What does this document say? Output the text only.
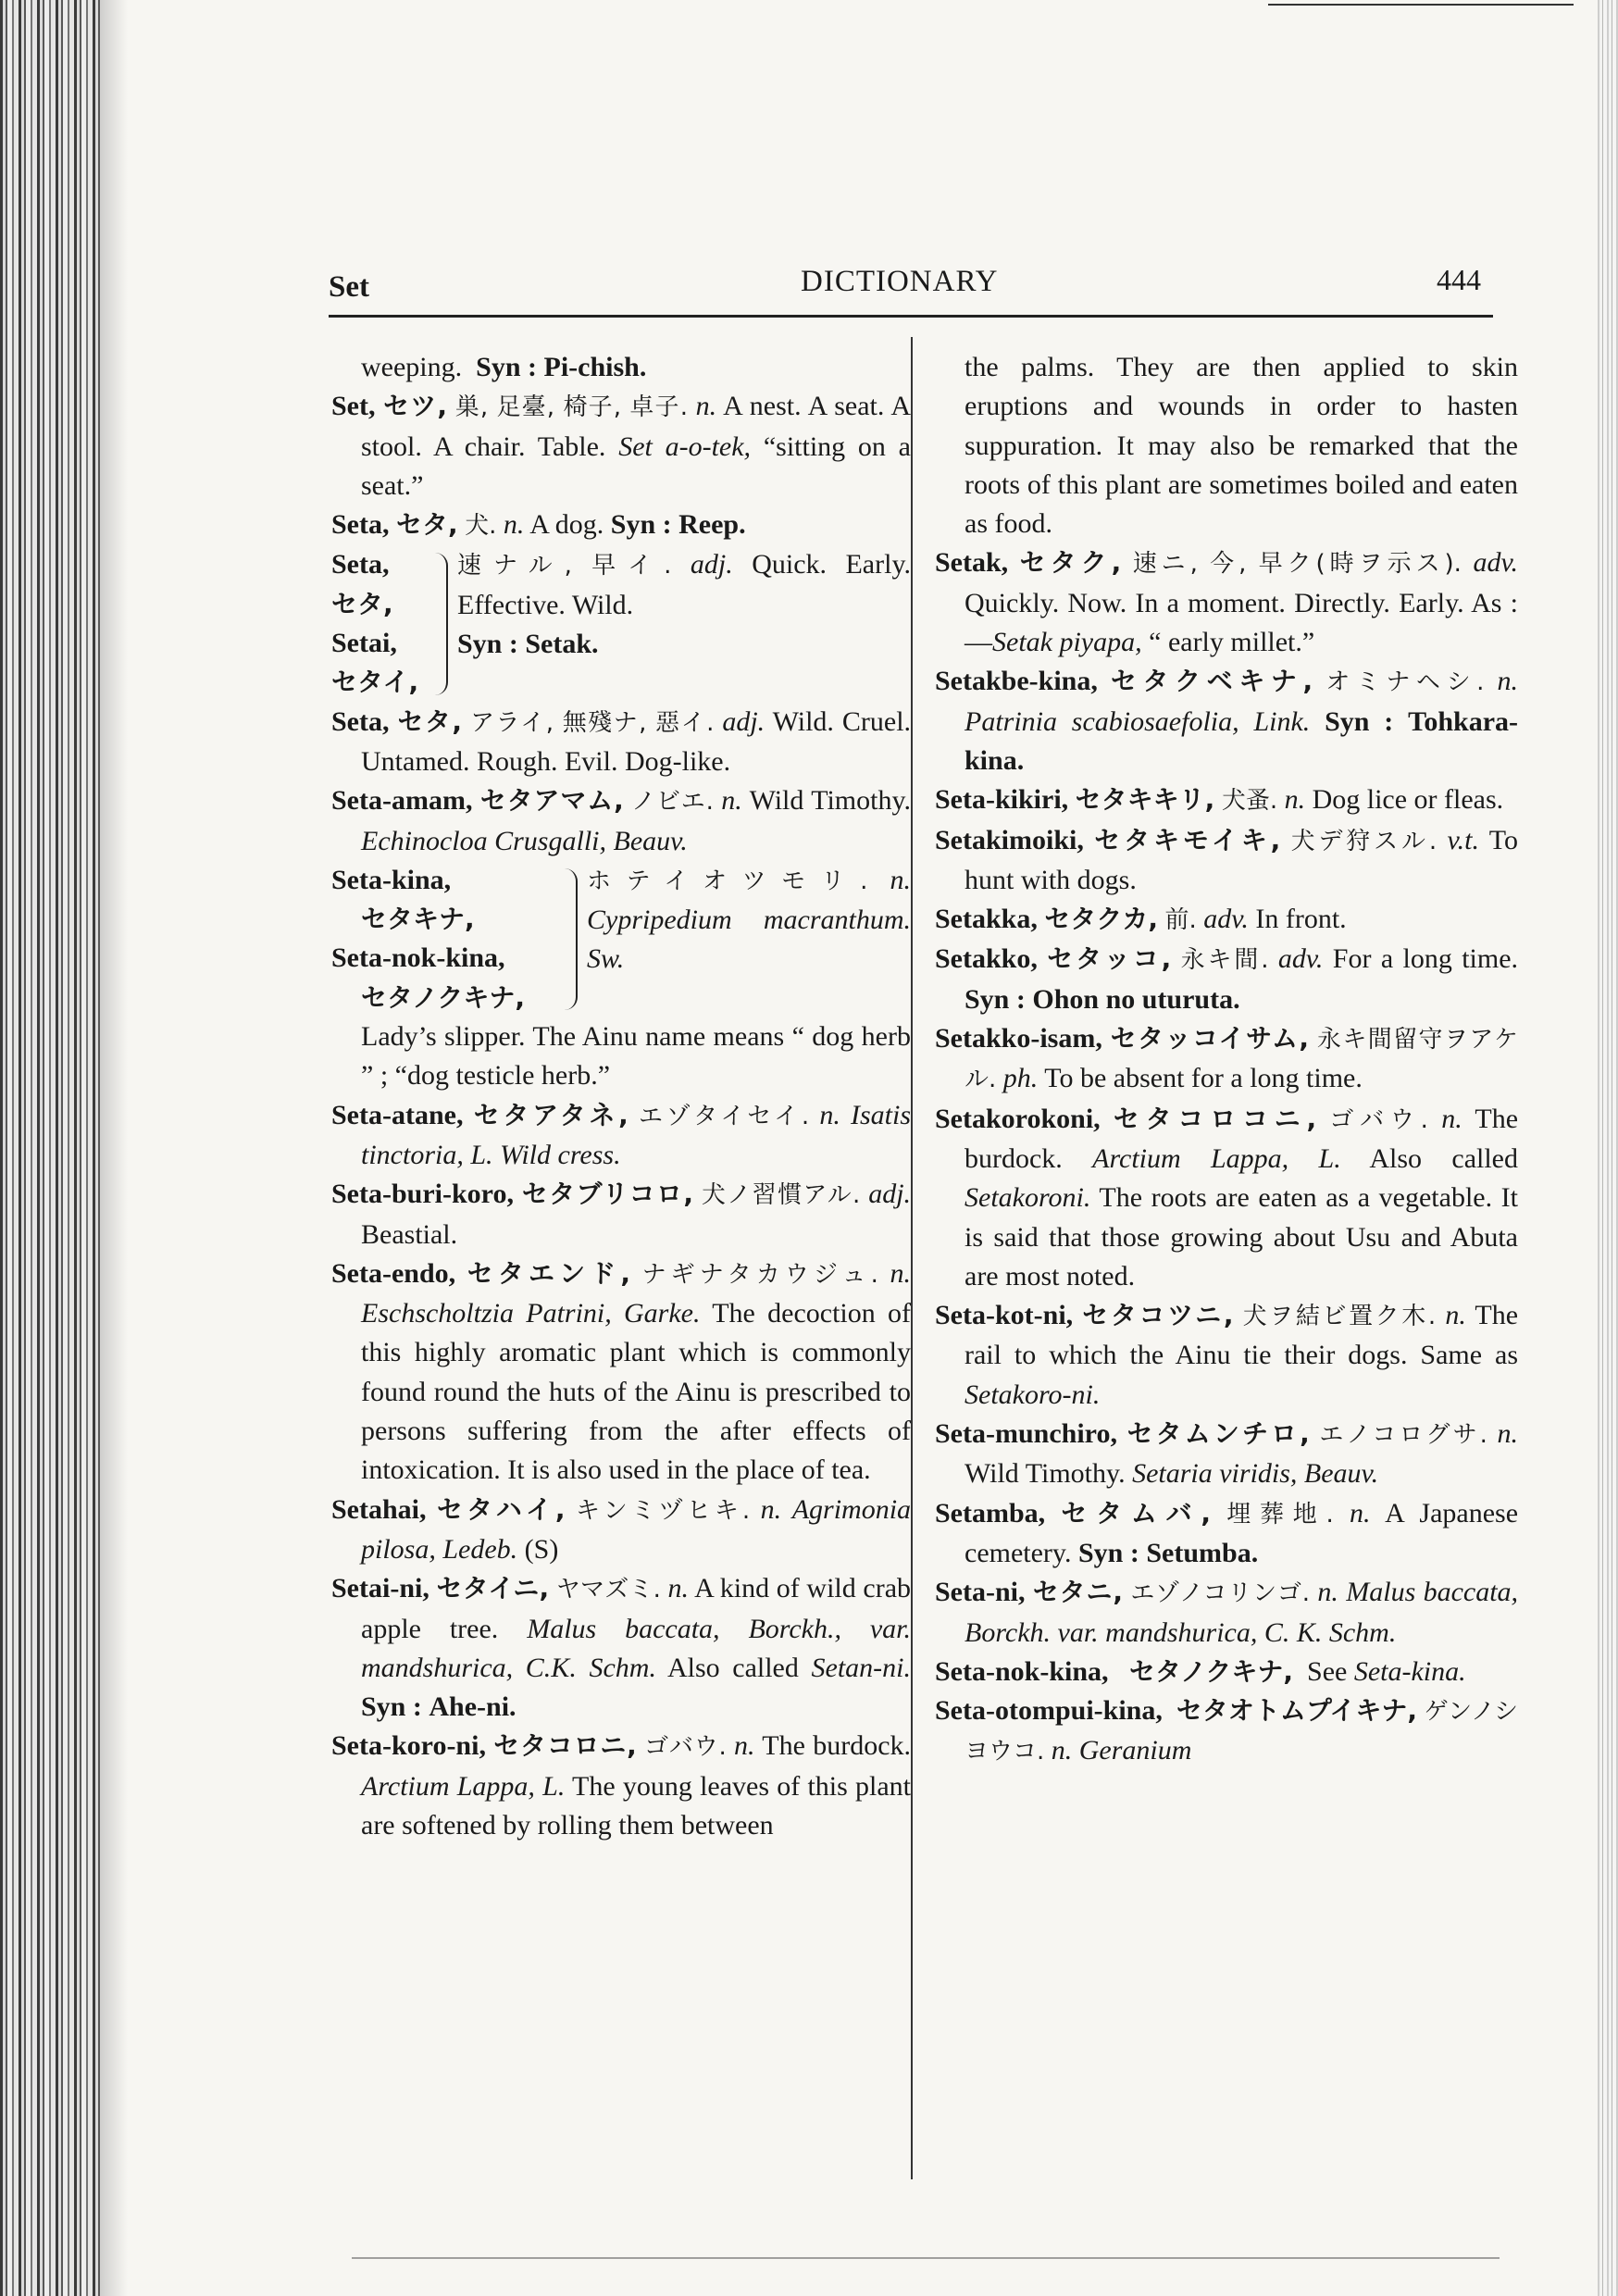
Set	DICTIONARY	444

weeping. Syn : Pi-chish.

Set, セツ, 巣, 足臺, 椅子, 卓子. n. A nest. A seat. A stool. A chair. Table. Set a-o-tek, “sitting on a seat.”

Seta, セタ, 犬. n. A dog. Syn : Reep.

Seta,
セタ,
Setai,
セタイ,
速ナル, 早イ. adj. Quick. Early. Effective. Wild.
Syn : Setak.

Seta, セタ, アライ, 無殘ナ, 惡イ. adj. Wild. Cruel. Untamed. Rough. Evil. Dog-like.

Seta-amam, セタアマム, ノビエ. n. Wild Timothy. Echinocloa Crusgalli, Beauv.

Seta-kina,
セタキナ,
Seta-nok-kina,
セタノクキナ,
ホテイオツモリ. n. Cypripedium macranthum. Sw.
Lady’s slipper. The Ainu name means “ dog herb ” ; “dog testicle herb.”

Seta-atane, セタアタネ, エゾタイセイ. n. Isatis tinctoria, L. Wild cress.

Seta-buri-koro, セタブリコロ, 犬ノ習慣アル. adj. Beastial.

Seta-endo, セタエンド, ナギナタカウジュ. n. Eschscholtzia Patrini, Garke. The decoction of this highly aromatic plant which is commonly found round the huts of the Ainu is prescribed to persons suffering from the after effects of intoxication. It is also used in the place of tea.

Setahai, セタハイ, キンミヅヒキ. n. Agrimonia pilosa, Ledeb. (S)

Setai-ni, セタイニ, ヤマズミ. n. A kind of wild crab apple tree. Malus baccata, Borckh., var. mandshurica, C.K. Schm. Also called Setan-ni. Syn : Ahe-ni.

Seta-koro-ni, セタコロニ, ゴバウ. n. The burdock. Arctium Lappa, L. The young leaves of this plant are softened by rolling them between

the palms. They are then applied to skin eruptions and wounds in order to hasten suppuration. It may also be remarked that the roots of this plant are sometimes boiled and eaten as food.

Setak, セタク, 速ニ, 今, 早ク(時ヲ示ス). adv. Quickly. Now. In a moment. Directly. Early. As :—Setak piyapa, “ early millet.”

Setakbe-kina, セタクベキナ, オミナヘシ. n. Patrinia scabiosaefolia, Link. Syn : Tohkara-kina.

Seta-kikiri, セタキキリ, 犬蚤. n. Dog lice or fleas.

Setakimoiki, セタキモイキ, 犬デ狩スル. v.t. To hunt with dogs.

Setakka, セタクカ, 前. adv. In front.

Setakko, セタッコ, 永キ間. adv. For a long time. Syn : Ohon no uturuta.

Setakko-isam, セタッコイサム, 永キ間留守ヲアケル. ph. To be absent for a long time.

Setakorokoni, セタコロコニ, ゴバウ. n. The burdock. Arctium Lappa, L. Also called Setakoroni. The roots are eaten as a vegetable. It is said that those growing about Usu and Abuta are most noted.

Seta-kot-ni, セタコツニ, 犬ヲ結ビ置ク木. n. The rail to which the Ainu tie their dogs. Same as Setakoro-ni.

Seta-munchiro, セタムンチロ, エノコログサ. n. Wild Timothy. Setaria viridis, Beauv.

Setamba, セタムバ, 埋葬地. n. A Japanese cemetery. Syn : Setumba.

Seta-ni, セタニ, エゾノコリンゴ. n. Malus baccata, Borckh. var. mandshurica, C. K. Schm.

Seta-nok-kina, セタノクキナ, See Seta-kina.

Seta-otompui-kina, セタオトムプイキナ, ゲンノシヨウコ. n. Geranium
